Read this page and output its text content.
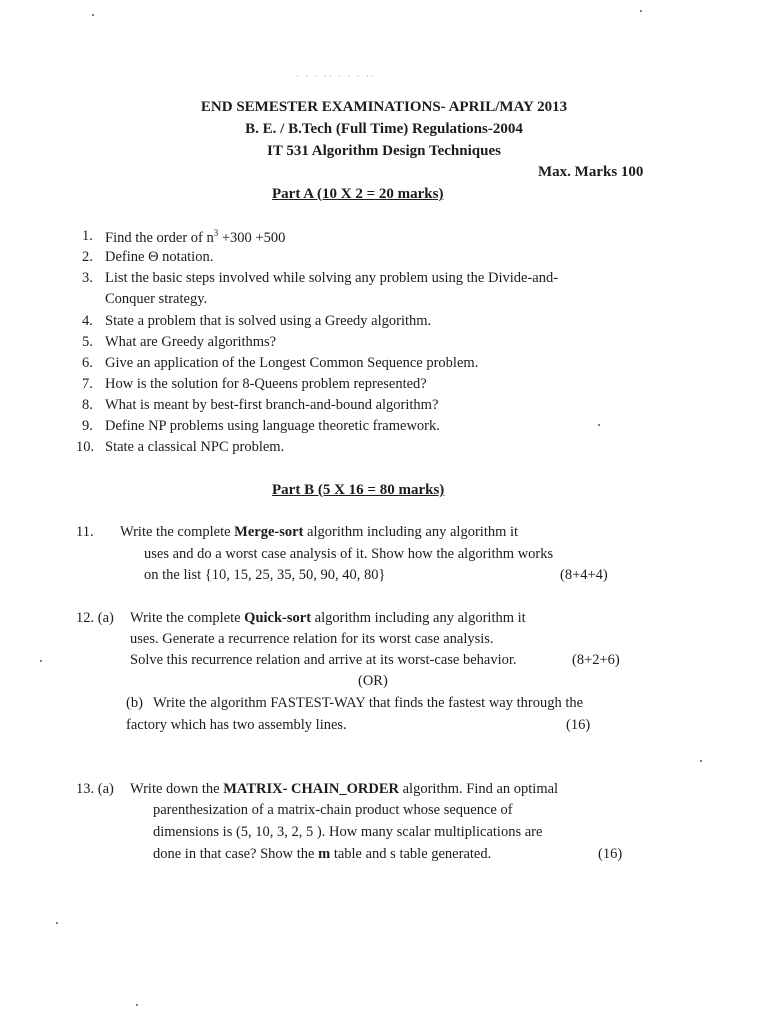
˙ ˙ ˙ ˙˙ ˙ ˙ ˙ ˙˙
END SEMESTER EXAMINATIONS- APRIL/MAY 2013
B. E. / B.Tech (Full Time) Regulations-2004
IT 531 Algorithm Design Techniques
Max. Marks 100
Part A (10 X 2 = 20 marks)
1. Find the order of $n^3 +300 +500$
2. Define Θ notation.
3. List the basic steps involved while solving any problem using the Divide-and-
Conquer strategy.
4. State a problem that is solved using a Greedy algorithm.
5. What are Greedy algorithms?
6. Give an application of the Longest Common Sequence problem.
7. How is the solution for 8-Queens problem represented?
8. What is meant by best-first branch-and-bound algorithm?
9. Define NP problems using language theoretic framework.
10. State a classical NPC problem.
Part B (5 X 16 = 80 marks)
11. Write the complete Merge-sort algorithm including any algorithm it
uses and do a worst case analysis of it. Show how the algorithm works
on the list {10, 15, 25, 35, 50, 90, 40, 80}	(8+4+4)
12. (a) Write the complete Quick-sort algorithm including any algorithm it
uses. Generate a recurrence relation for its worst case analysis.
Solve this recurrence relation and arrive at its worst-case behavior.	(8+2+6)
(OR)
(b) Write the algorithm FASTEST-WAY that finds the fastest way through the
factory which has two assembly lines.	(16)
13. (a) Write down the MATRIX- CHAIN_ORDER algorithm. Find an optimal
parenthesization of a matrix-chain product whose sequence of
dimensions is (5, 10, 3, 2, 5 ). How many scalar multiplications are
done in that case? Show the m table and s table generated.	(16)
